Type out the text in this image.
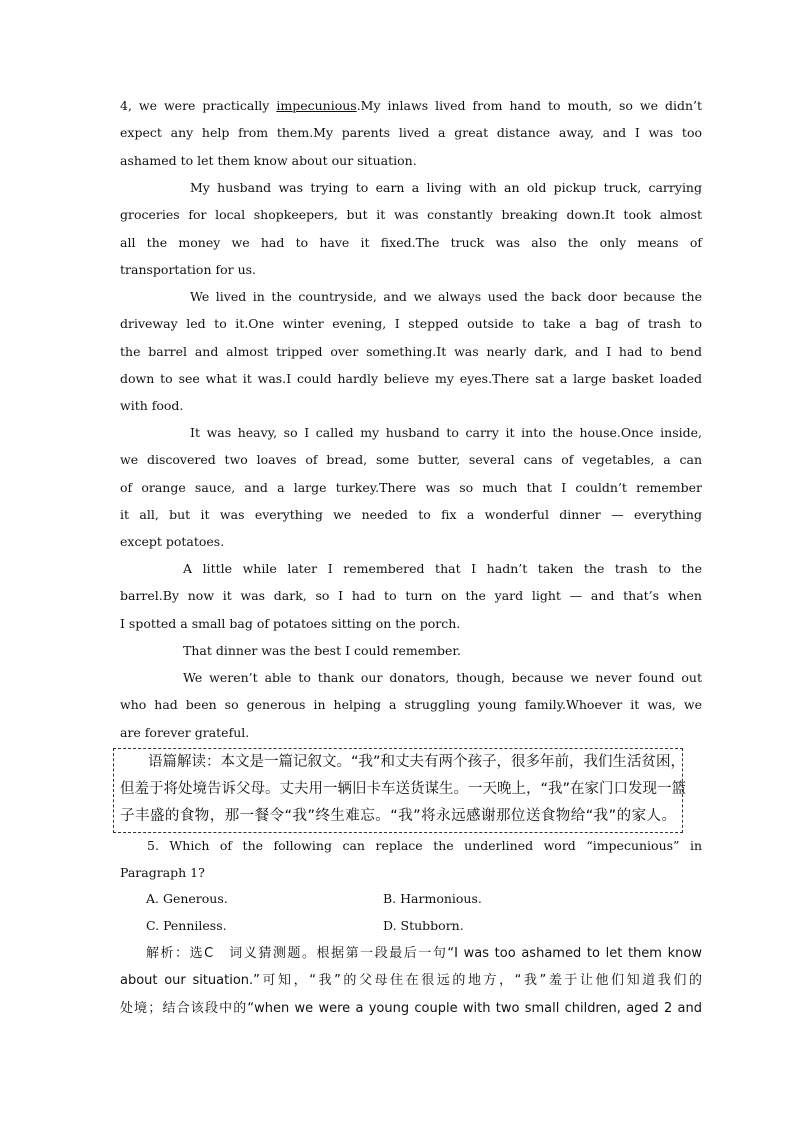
4, we were practically impecunious.My inlaws lived from hand to mouth, so we didn’t
expect any help from them.My parents lived a great distance away, and I was too
ashamed to let them know about our situation.
My husband was trying to earn a living with an old pickup truck, carrying
groceries for local shopkeepers, but it was constantly breaking down.It took almost
all the money we had to have it fixed.The truck was also the only means of
transportation for us.
We lived in the countryside, and we always used the back door because the
driveway led to it.One winter evening, I stepped outside to take a bag of trash to
the barrel and almost tripped over something.It was nearly dark, and I had to bend
down to see what it was.I could hardly believe my eyes.There sat a large basket loaded
with food.
It was heavy, so I called my husband to carry it into the house.Once inside,
we discovered two loaves of bread, some butter, several cans of vegetables, a can
of orange sauce, and a large turkey.There was so much that I couldn’t remember
it all, but it was everything we needed to fix a wonderful dinner — everything
except potatoes.
A little while later I remembered that I hadn’t taken the trash to the
barrel.By now it was dark, so I had to turn on the yard light — and that’s when
I spotted a small bag of potatoes sitting on the porch.
That dinner was the best I could remember.
We weren’t able to thank our donators, though, because we never found out
who had been so generous in helping a struggling young family.Whoever it was, we
are forever grateful.
语篇解读：本文是一篇记叙文。“我”和丈夫有两个孩子，很多年前，我们生活贫困，
但羞于将处境告诉父母。丈夫用一辆旧卡车送货谋生。一天晚上，“我”在家门口发现一篮
子丰盛的食物，那一餐令“我”终生难忘。“我”将永远感谢那位送食物给“我”的家人。
5. Which of the following can replace the underlined word “impecunious” in
Paragraph 1?
A. Generous.	B. Harmonious.
C. Penniless.	D. Stubborn.
解析：选C　词义猜测题。根据第一段最后一句“I was too ashamed to let them know
about our situation.”可知，“我”的父母住在很远的地方，“我”羞于让他们知道我们的
处境；结合该段中的“when we were a young couple with two small children, aged 2 and
